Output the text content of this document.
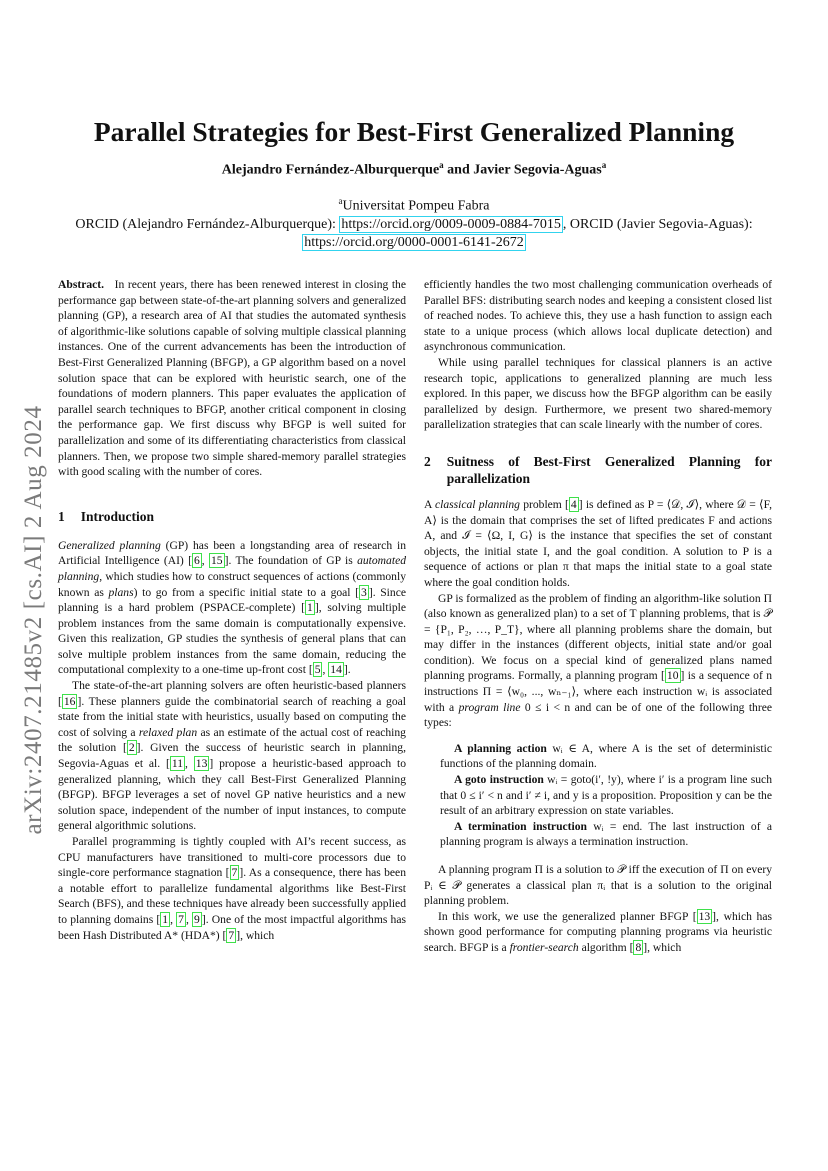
arXiv:2407.21485v2 [cs.AI] 2 Aug 2024
Parallel Strategies for Best-First Generalized Planning
Alejandro Fernández-Alburquerque$^a$ and Javier Segovia-Aguas$^a$
$^a$Universitat Pompeu Fabra
ORCID (Alejandro Fernández-Alburquerque): https://orcid.org/0009-0009-0884-7015 , ORCID (Javier Segovia-Aguas):
https://orcid.org/0000-0001-6141-2672

Abstract. In recent years, there has been renewed interest in closing the performance gap between state-of-the-art planning solvers and generalized planning (GP), a research area of AI that studies the automated synthesis of algorithmic-like solutions capable of solving multiple classical planning instances. One of the current advancements has been the introduction of Best-First Generalized Planning (BFGP), a GP algorithm based on a novel solution space that can be explored with heuristic search, one of the foundations of modern planners. This paper evaluates the application of parallel search techniques to BFGP, another critical component in closing the performance gap. We first discuss why BFGP is well suited for parallelization and some of its differentiating characteristics from classical planners. Then, we propose two simple shared-memory parallel strategies with good scaling with the number of cores.

1 Introduction

Generalized planning (GP) has been a longstanding area of research in Artificial Intelligence (AI) [ 6 , 15 ]. The foundation of GP is automated planning, which studies how to construct sequences of actions (commonly known as plans) to go from a specific initial state to a goal [ 3 ]. Since planning is a hard problem (PSPACE-complete) [ 1 ], solving multiple problem instances from the same domain is computationally expensive. Given this realization, GP studies the synthesis of general plans that can solve multiple problem instances from the same domain, reducing the computational complexity to a one-time up-front cost [ 5 , 14 ].

The state-of-the-art planning solvers are often heuristic-based planners [ 16 ]. These planners guide the combinatorial search of reaching a goal state from the initial state with heuristics, usually based on computing the cost of solving a relaxed plan as an estimate of the actual cost of reaching the solution [ 2 ]. Given the success of heuristic search in planning, Segovia-Aguas et al. [ 11 , 13 ] propose a heuristic-based approach to generalized planning, which they call Best-First Generalized Planning (BFGP). BFGP leverages a set of novel GP native heuristics and a new solution space, independent of the number of input instances, to compute general algorithmic solutions.

Parallel programming is tightly coupled with AI’s recent success, as CPU manufacturers have transitioned to multi-core processors due to single-core performance stagnation [ 7 ]. As a consequence, there has been a notable effort to parallelize fundamental algorithms like Best-First Search (BFS), and these techniques have already been successfully applied to planning domains [ 1 , 7 , 9 ]. One of the most impactful algorithms has been Hash Distributed A* (HDA*) [ 7 ], which

efficiently handles the two most challenging communication overheads of Parallel BFS: distributing search nodes and keeping a consistent closed list of reached nodes. To achieve this, they use a hash function to assign each state to a unique process (which allows local duplicate detection) and asynchronous communication.

While using parallel techniques for classical planners is an active research topic, applications to generalized planning are much less explored. In this paper, we discuss how the BFGP algorithm can be easily parallelized by design. Furthermore, we present two shared-memory parallelization strategies that can scale linearly with the number of cores.

2 Suitness of Best-First Generalized Planning for parallelization

A classical planning problem [ 4 ] is defined as P = ⟨𝒟, ℐ⟩, where 𝒟 = ⟨F, A⟩ is the domain that comprises the set of lifted predicates F and actions A, and ℐ = ⟨Ω, I, G⟩ is the instance that specifies the set of constant objects, the initial state I, and the goal condition. A solution to P is a sequence of actions or plan π that maps the initial state to a goal state where the goal condition holds.

GP is formalized as the problem of finding an algorithm-like solution Π (also known as generalized plan) to a set of T planning problems, that is 𝒫 = {P₁, P₂, …, P_T}, where all planning problems share the domain, but may differ in the instances (different objects, initial state and/or goal condition). We focus on a special kind of generalized plans named planning programs. Formally, a planning program [ 10 ] is a sequence of n instructions Π = ⟨w₀, ..., wₙ₋₁⟩, where each instruction wᵢ is associated with a program line 0 ≤ i < n and can be of one of the following three types:

A planning action wᵢ ∈ A, where A is the set of deterministic functions of the planning domain.

A goto instruction wᵢ = goto(i′, !y), where i′ is a program line such that 0 ≤ i′ < n and i′ ≠ i, and y is a proposition. Proposition y can be the result of an arbitrary expression on state variables.

A termination instruction wᵢ = end. The last instruction of a planning program is always a termination instruction.

A planning program Π is a solution to 𝒫 iff the execution of Π on every Pᵢ ∈ 𝒫 generates a classical plan πᵢ that is a solution to the original planning problem.

In this work, we use the generalized planner BFGP [ 13 ], which has shown good performance for computing planning programs via heuristic search. BFGP is a frontier-search algorithm [ 8 ], which
